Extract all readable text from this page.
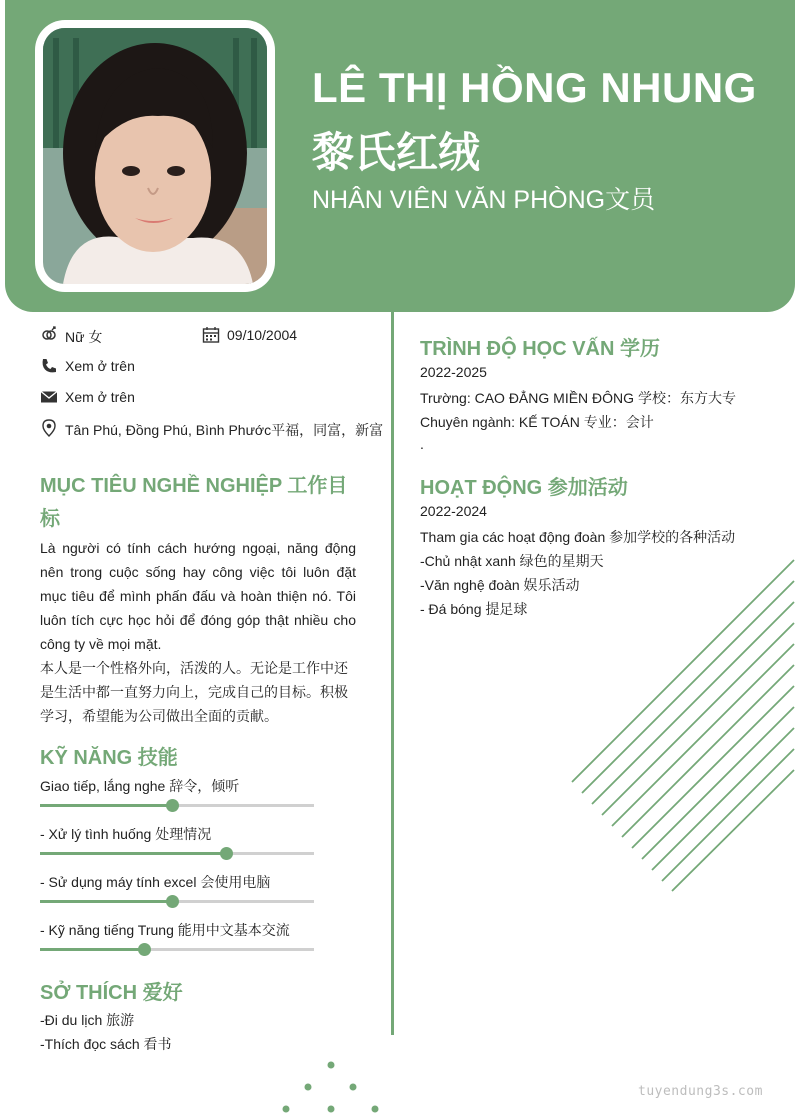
LÊ THỊ HỒNG NHUNG
黎氏红绒
NHÂN VIÊN VĂN PHÒNG文员
Nữ 女	09/10/2004
Xem ở trên
Xem ở trên
Tân Phú, Đồng Phú, Bình Phước平福，同富，新富
MỤC TIÊU NGHỀ NGHIỆP 工作目标
Là người có tính cách hướng ngoại, năng động nên trong cuộc sống hay công việc tôi luôn đặt mục tiêu để mình phấn đấu và hoàn thiện nó. Tôi luôn tích cực học hỏi để đóng góp thật nhiều cho công ty về mọi mặt.
本人是一个性格外向，活泼的人。无论是工作中还是生活中都一直努力向上，完成自己的目标。积极学习，希望能为公司做出全面的贡献。
KỸ NĂNG 技能
Giao tiếp, lắng nghe 辞令，倾听
- Xử lý tình huống 处理情况
- Sử dụng máy tính excel 会使用电脑
- Kỹ năng tiếng Trung 能用中文基本交流
SỞ THÍCH 爱好
-Đi du lịch 旅游
-Thích đọc sách 看书
TRÌNH ĐỘ HỌC VẤN 学历
2022-2025
Trường: CAO ĐẲNG MIỀN ĐÔNG 学校：东方大专
Chuyên ngành: KẾ TOÁN 专业：会计
.
HOẠT ĐỘNG 参加活动
2022-2024
Tham gia các hoạt động đoàn 参加学校的各种活动
-Chủ nhật xanh 绿色的星期天
-Văn nghệ đoàn 娱乐活动
- Đá bóng 提足球
tuyendung3s.com
